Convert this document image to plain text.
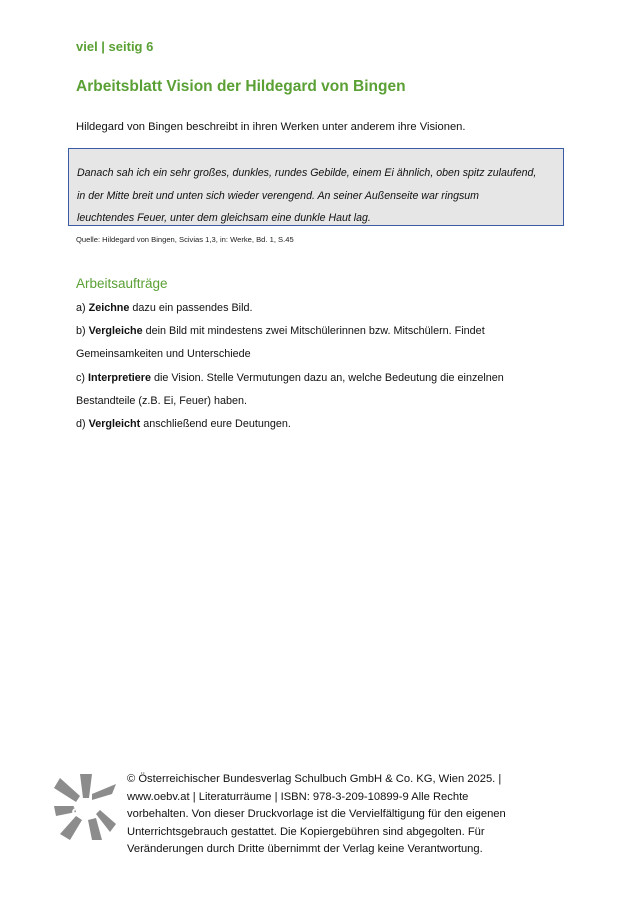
viel | seitig 6
Arbeitsblatt Vision der Hildegard von Bingen
Hildegard von Bingen beschreibt in ihren Werken unter anderem ihre Visionen.

Danach sah ich ein sehr großes, dunkles, rundes Gebilde, einem Ei ähnlich, oben spitz zulaufend,
in der Mitte breit und unten sich wieder verengend. An seiner Außenseite war ringsum
leuchtendes Feuer, unter dem gleichsam eine dunkle Haut lag.

Quelle: Hildegard von Bingen, Scivias 1,3, in: Werke, Bd. 1, S.45
Arbeitsaufträge

a) Zeichne dazu ein passendes Bild.

b) Vergleiche dein Bild mit mindestens zwei Mitschülerinnen bzw. Mitschülern. Findet

Gemeinsamkeiten und Unterschiede

c) Interpretiere die Vision. Stelle Vermutungen dazu an, welche Bedeutung die einzelnen

Bestandteile (z.B. Ei, Feuer) haben.

d) Vergleicht anschließend eure Deutungen.

öbv
© Österreichischer Bundesverlag Schulbuch GmbH & Co. KG, Wien 2025. |
www.oebv.at | Literaturräume | ISBN: 978-3-209-10899-9 Alle Rechte
vorbehalten. Von dieser Druckvorlage ist die Vervielfältigung für den eigenen
Unterrichtsgebrauch gestattet. Die Kopiergebühren sind abgegolten. Für
Veränderungen durch Dritte übernimmt der Verlag keine Verantwortung.
